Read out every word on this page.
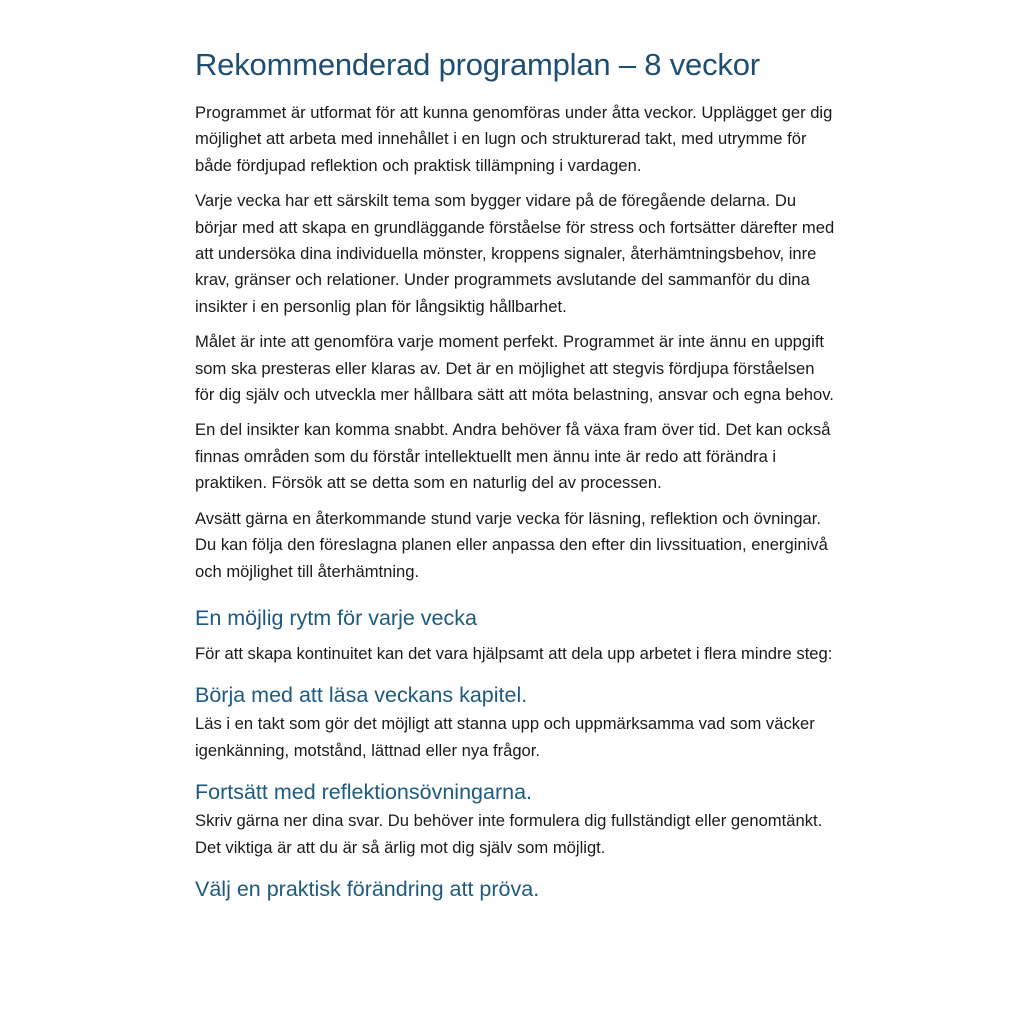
Rekommenderad programplan – 8 veckor

Programmet är utformat för att kunna genomföras under åtta veckor. Upplägget ger dig möjlighet att arbeta med innehållet i en lugn och strukturerad takt, med utrymme för både fördjupad reflektion och praktisk tillämpning i vardagen.

Varje vecka har ett särskilt tema som bygger vidare på de föregående delarna. Du börjar med att skapa en grundläggande förståelse för stress och fortsätter därefter med att undersöka dina individuella mönster, kroppens signaler, återhämtningsbehov, inre krav, gränser och relationer. Under programmets avslutande del sammanför du dina insikter i en personlig plan för långsiktig hållbarhet.

Målet är inte att genomföra varje moment perfekt. Programmet är inte ännu en uppgift som ska presteras eller klaras av. Det är en möjlighet att stegvis fördjupa förståelsen för dig själv och utveckla mer hållbara sätt att möta belastning, ansvar och egna behov.

En del insikter kan komma snabbt. Andra behöver få växa fram över tid. Det kan också finnas områden som du förstår intellektuellt men ännu inte är redo att förändra i praktiken. Försök att se detta som en naturlig del av processen.

Avsätt gärna en återkommande stund varje vecka för läsning, reflektion och övningar. Du kan följa den föreslagna planen eller anpassa den efter din livssituation, energinivå och möjlighet till återhämtning.

En möjlig rytm för varje vecka

För att skapa kontinuitet kan det vara hjälpsamt att dela upp arbetet i flera mindre steg:

Börja med att läsa veckans kapitel.

Läs i en takt som gör det möjligt att stanna upp och uppmärksamma vad som väcker igenkänning, motstånd, lättnad eller nya frågor.

Fortsätt med reflektionsövningarna.

Skriv gärna ner dina svar. Du behöver inte formulera dig fullständigt eller genomtänkt. Det viktiga är att du är så ärlig mot dig själv som möjligt.

Välj en praktisk förändring att pröva.
